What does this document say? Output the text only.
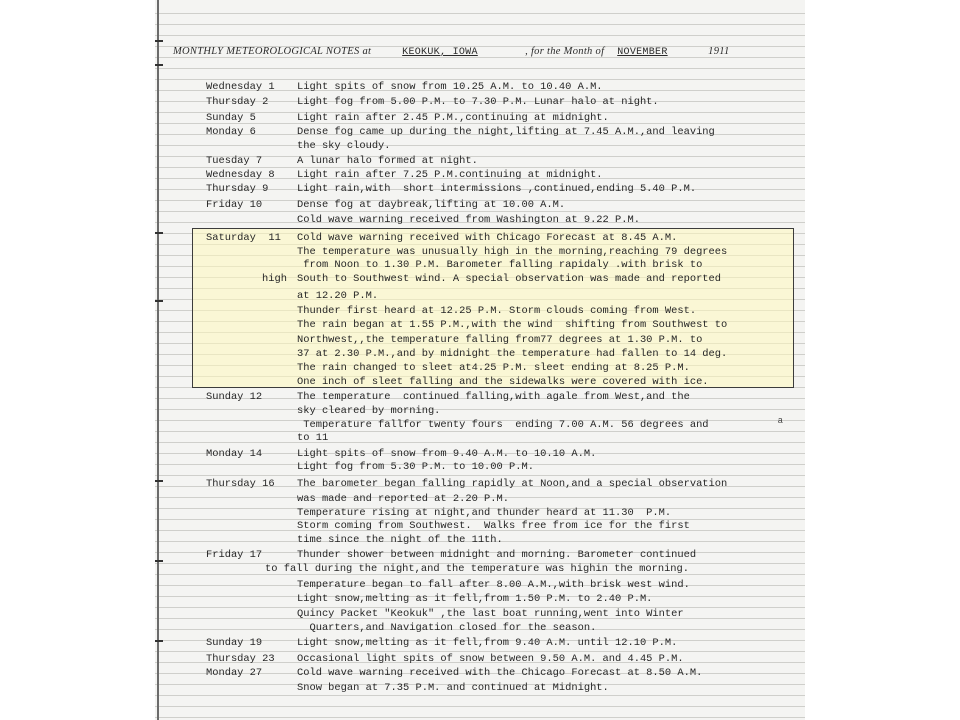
MONTHLY METEOROLOGICAL NOTES at	KEOKUK, IOWA	, for the Month of NOVEMBER	1911
Wednesday 1 Light spits of snow from 10.25 A.M. to 10.40 A.M.
Thursday 2	Light fog from 5.00 P.M. to 7.30 P.M. Lunar halo at night.
Sunday 5	Light rain after 2.45 P.M.,continuing at midnight.
Monday 6	Dense fog came up during the night,lifting at 7.45 A.M.,and leaving
the sky cloudy.
Tuesday 7	A lunar halo formed at night.
Wednesday 8 Light rain after 7.25 P.M.continuing at midnight.
Thursday 9	Light rain,with  short intermissions ,continued,ending 5.40 P.M.
Friday 10	Dense fog at daybreak,lifting at 10.00 A.M.
Cold wave warning received from Washington at 9.22 P.M.
Saturday  11 Cold wave warning received with Chicago Forecast at 8.45 A.M.
The temperature was unusually high in the morning,reaching 79 degrees
from Noon to 1.30 P.M. Barometer falling rapidaly .with brisk to
high South to Southwest wind. A special observation was made and reported
at 12.20 P.M.
Thunder first heard at 12.25 P.M. Storm clouds coming from West.
The rain began at 1.55 P.M.,with the wind  shifting from Southwest to
Northwest,,the temperature falling from77 degrees at 1.30 P.M. to
37 at 2.30 P.M.,and by midnight the temperature had fallen to 14 deg.
The rain changed to sleet at4.25 P.M. sleet ending at 8.25 P.M.
One inch of sleet falling and the sidewalks were covered with ice.
Sunday 12	The temperature  continued falling,with agale from West,and the
sky cleared by morning.
Temperature fallfor twenty fours  ending 7.00 A.M. 56 degrees and
to 11
Monday 14	Light spits of snow from 9.40 A.M. to 10.10 A.M.
Light fog from 5.30 P.M. to 10.00 P.M.
Thursday 16 The barometer began falling rapidly at Noon,and a special observation
was made and reported at 2.20 P.M.
Temperature rising at night,and thunder heard at 11.30  P.M.
Storm coming from Southwest.  Walks free from ice for the first
time since the night of the 11th.
Friday 17	Thunder shower between midnight and morning. Barometer continued
to fall during the night,and the temperature was highin the morning.
Temperature began to fall after 8.00 A.M.,with brisk west wind.
Light snow,melting as it fell,from 1.50 P.M. to 2.40 P.M.
Quincy Packet "Keokuk" ,the last boat running,went into Winter
Quarters,and Navigation closed for the season.
Sunday 19	Light snow,melting as it fell,from 9.40 A.M. until 12.10 P.M.
Thursday 23 Occasional light spits of snow between 9.50 A.M. and 4.45 P.M.
Monday 27	Cold wave warning received with the Chicago Forecast at 8.50 A.M.
Snow began at 7.35 P.M. and continued at Midnight.
a
